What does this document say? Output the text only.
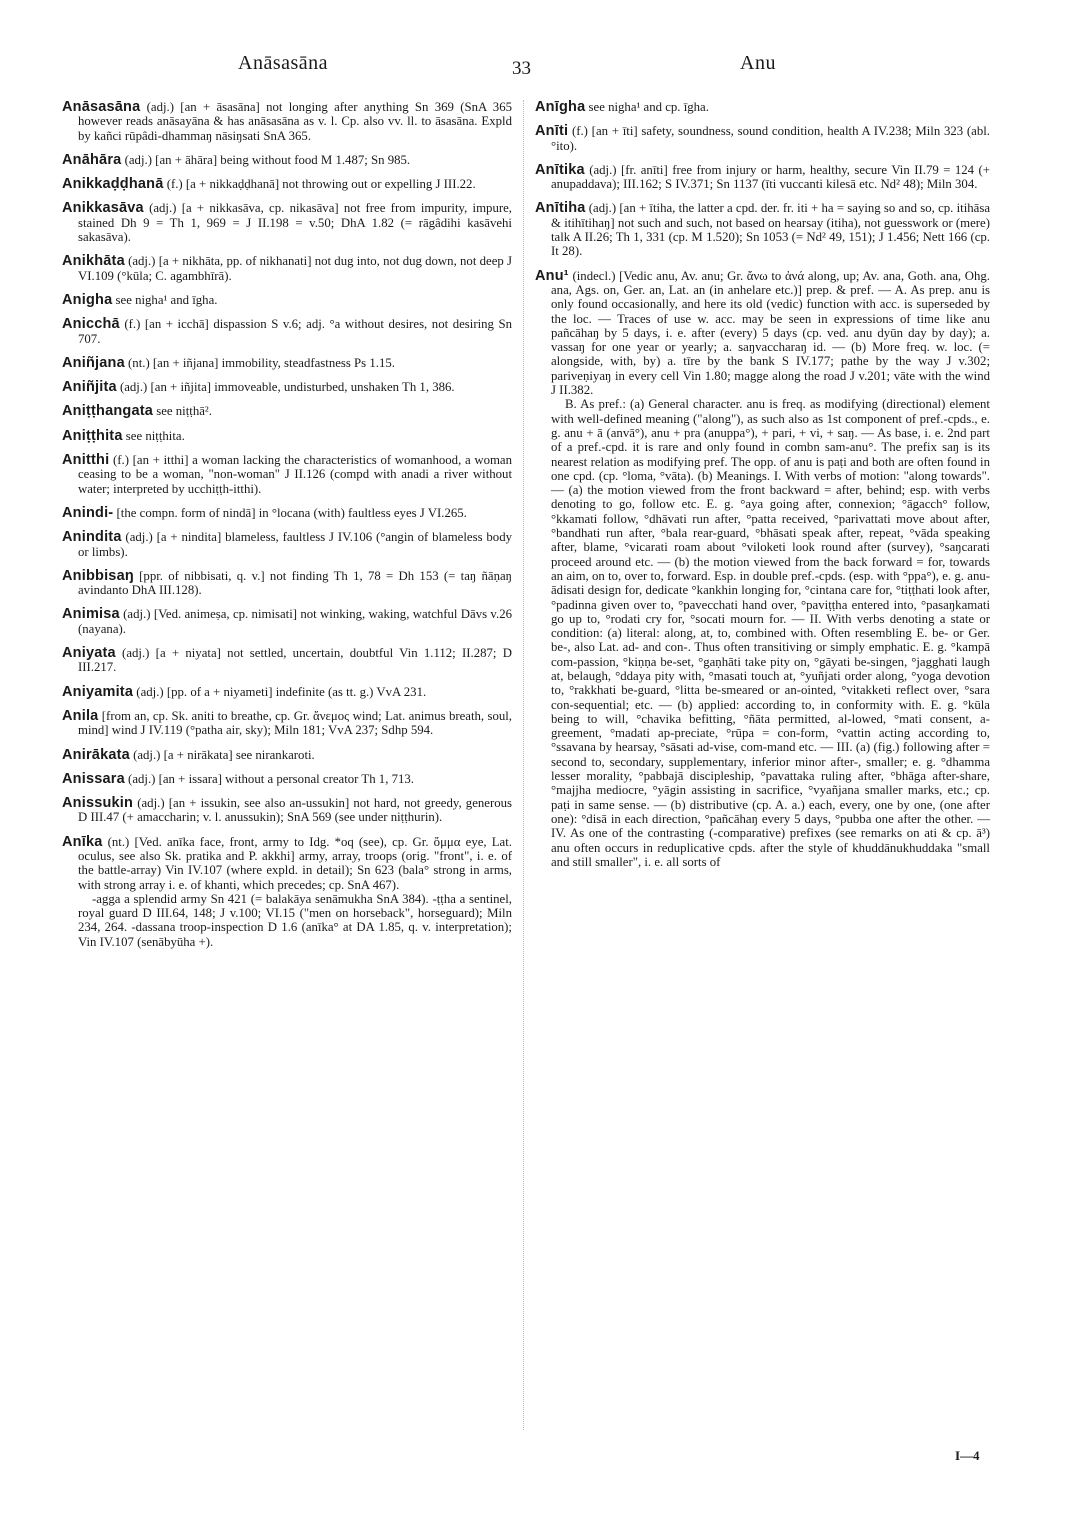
Anāsasāna	33	Anu

Anāsasāna (adj.) [an + āsasāna] not longing after anything Sn 369 (SnA 365 however reads anāsayāna & has anāsasāna as v. l. Cp. also vv. ll. to āsasāna. Expld by kañci rūpâdi-dhammaŋ nāsiŋsati SnA 365.

Anāhāra (adj.) [an + āhāra] being without food M 1.487; Sn 985.

Anikkaḍḍhanā (f.) [a + nikkaḍḍhanā] not throwing out or expelling J III.22.

Anikkasāva (adj.) [a + nikkasāva, cp. nikasāva] not free from impurity, impure, stained Dh 9 = Th 1, 969 = J II.198 = v.50; DhA 1.82 (= rāgâdihi kasāvehi sakasāva).

Anikhāta (adj.) [a + nikhāta, pp. of nikhanati] not dug into, not dug down, not deep J VI.109 (°kūla; C. agambhīrā).

Anigha see nigha¹ and īgha.

Anicchā (f.) [an + icchā] dispassion S v.6; adj. °a without desires, not desiring Sn 707.

Aniñjana (nt.) [an + iñjana] immobility, steadfastness Ps 1.15.

Aniñjita (adj.) [an + iñjita] immoveable, undisturbed, unshaken Th 1, 386.

Aniṭṭhangata see niṭṭhā².

Aniṭṭhita see niṭṭhita.

Anitthi (f.) [an + itthi] a woman lacking the characteristics of womanhood, a woman ceasing to be a woman, "non-woman" J II.126 (compd with anadi a river without water; interpreted by ucchiṭṭh-itthi).

Anindi- [the compn. form of nindā] in °locana (with) faultless eyes J VI.265.

Anindita (adj.) [a + nindita] blameless, faultless J IV.106 (°angin of blameless body or limbs).

Anibbisaŋ [ppr. of nibbisati, q. v.] not finding Th 1, 78 = Dh 153 (= taŋ ñāṇaŋ avindanto DhA III.128).

Animisa (adj.) [Ved. animeṣa, cp. nimisati] not winking, waking, watchful Dāvs v.26 (nayana).

Aniyata (adj.) [a + niyata] not settled, uncertain, doubtful Vin 1.112; II.287; D III.217.

Aniyamita (adj.) [pp. of a + niyameti] indefinite (as tt. g.) VvA 231.

Anila [from an, cp. Sk. aniti to breathe, cp. Gr. ἄνεμος wind; Lat. animus breath, soul, mind] wind J IV.119 (°patha air, sky); Miln 181; VvA 237; Sdhp 594.

Anirākata (adj.) [a + nirākata] see nirankaroti.

Anissara (adj.) [an + issara] without a personal creator Th 1, 713.

Anissukin (adj.) [an + issukin, see also an-ussukin] not hard, not greedy, generous D III.47 (+ amaccharin; v. l. anussukin); SnA 569 (see under niṭṭhurin).

Anīka (nt.) [Ved. anīka face, front, army to Idg. *oq (see), cp. Gr. ὄμμα eye, Lat. oculus, see also Sk. pratika and P. akkhi] army, array, troops (orig. "front", i. e. of the battle-array) Vin IV.107 (where expld. in detail); Sn 623 (bala° strong in arms, with strong array i. e. of khanti, which precedes; cp. SnA 467).

-agga a splendid army Sn 421 (= balakāya senāmukha SnA 384). -ṭṭha a sentinel, royal guard D III.64, 148; J v.100; VI.15 ("men on horseback", horseguard); Miln 234, 264. -dassana troop-inspection D 1.6 (anīka° at DA 1.85, q. v. interpretation); Vin IV.107 (senābyūha +).

Anīgha see nigha¹ and cp. īgha.

Anīti (f.) [an + īti] safety, soundness, sound condition, health A IV.238; Miln 323 (abl. °ito).

Anītika (adj.) [fr. anīti] free from injury or harm, healthy, secure Vin II.79 = 124 (+ anupaddava); III.162; S IV.371; Sn 1137 (īti vuccanti kilesā etc. Nd² 48); Miln 304.

Anītiha (adj.) [an + ītiha, the latter a cpd. der. fr. iti + ha = saying so and so, cp. itihāsa & itihītihaŋ] not such and such, not based on hearsay (itiha), not guesswork or (mere) talk A II.26; Th 1, 331 (cp. M 1.520); Sn 1053 (= Nd² 49, 151); J 1.456; Nett 166 (cp. It 28).

Anu¹ (indecl.) [Vedic anu, Av. anu; Gr. ἄνω to ἀνά along, up; Av. ana, Goth. ana, Ohg. ana, Ags. on, Ger. an, Lat. an (in anhelare etc.)] prep. & pref. — A. As prep. anu is only found occasionally, and here its old (vedic) function with acc. is superseded by the loc. — Traces of use w. acc. may be seen in expressions of time like anu pañcāhaŋ by 5 days, i. e. after (every) 5 days (cp. ved. anu dyūn day by day); a. vassaŋ for one year or yearly; a. saŋvaccharaŋ id. — (b) More freq. w. loc. (= alongside, with, by) a. tīre by the bank S IV.177; pathe by the way J v.302; pariveṇiyaŋ in every cell Vin 1.80; magge along the road J v.201; vāte with the wind J II.382.

B. As pref.: (a) General character. anu is freq. as modifying (directional) element with well-defined meaning ("along"), as such also as 1st component of pref.-cpds., e. g. anu + ā (anvā°), anu + pra (anuppa°), + pari, + vi, + saŋ. — As base, i. e. 2nd part of a pref.-cpd. it is rare and only found in combn sam-anu°. The prefix saŋ is its nearest relation as modifying pref. The opp. of anu is paṭi and both are often found in one cpd. (cp. °loma, °vāta). (b) Meanings. I. With verbs of motion: "along towards". — (a) the motion viewed from the front backward = after, behind; esp. with verbs denoting to go, follow etc. E. g. °aya going after, connexion; °āgacch° follow, °kkamati follow, °dhāvati run after, °patta received, °parivattati move about after, °bandhati run after, °bala rear-guard, °bhāsati speak after, repeat, °vāda speaking after, blame, °vicarati roam about °viloketi look round after (survey), °saŋcarati proceed around etc. — (b) the motion viewed from the back forward = for, towards an aim, on to, over to, forward. Esp. in double pref.-cpds. (esp. with °ppa°), e. g. anu-ādisati design for, dedicate °kankhin longing for, °cintana care for, °tiṭṭhati look after, °padinna given over to, °pavecchati hand over, °paviṭṭha entered into, °pasaŋkamati go up to, °rodati cry for, °socati mourn for. — II. With verbs denoting a state or condition: (a) literal: along, at, to, combined with. Often resembling E. be- or Ger. be-, also Lat. ad- and con-. Thus often transitiving or simply emphatic. E. g. °kampā com-passion, °kiṇṇa be-set, °gaṇhāti take pity on, °gāyati be-singen, °jagghati laugh at, belaugh, °ddaya pity with, °masati touch at, °yuñjati order along, °yoga devotion to, °rakkhati be-guard, °litta be-smeared or an-ointed, °vitakketi reflect over, °sara con-sequential; etc. — (b) applied: according to, in conformity with. E. g. °kūla being to will, °chavika befitting, °ñāta permitted, al-lowed, °mati consent, a-greement, °madati ap-preciate, °rūpa = con-form, °vattin acting according to, °ssavana by hearsay, °sāsati ad-vise, com-mand etc. — III. (a) (fig.) following after = second to, secondary, supplementary, inferior minor after-, smaller; e. g. °dhamma lesser morality, °pabbajā discipleship, °pavattaka ruling after, °bhāga after-share, °majjha mediocre, °yāgin assisting in sacrifice, °vyañjana smaller marks, etc.; cp. paṭi in same sense. — (b) distributive (cp. A. a.) each, every, one by one, (one after one): °disā in each direction, °pañcāhaŋ every 5 days, °pubba one after the other. — IV. As one of the contrasting (-comparative) prefixes (see remarks on ati & cp. ā³) anu often occurs in reduplicative cpds. after the style of khuddānukhuddaka "small and still smaller", i. e. all sorts of

I—4
